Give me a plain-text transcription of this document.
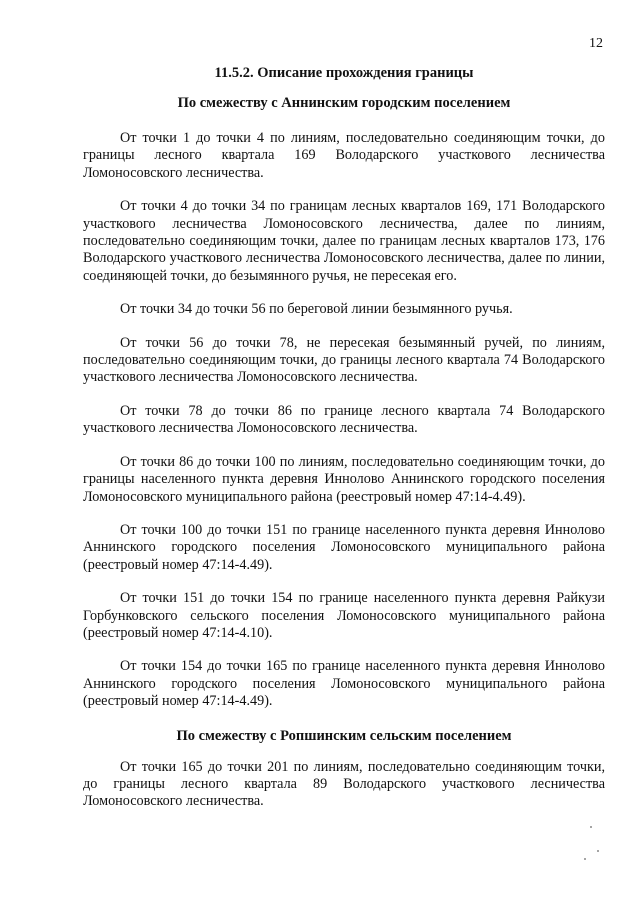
12

11.5.2. Описание прохождения границы

По смежеству с Аннинским городским поселением

От точки 1 до точки 4 по линиям, последовательно соединяющим точки, до границы лесного квартала 169 Володарского участкового лесничества Ломоносовского лесничества.

От точки 4 до точки 34 по границам лесных кварталов 169, 171 Володарского участкового лесничества Ломоносовского лесничества, далее по линиям, последовательно соединяющим точки, далее по границам лесных кварталов 173, 176 Володарского участкового лесничества Ломоносовского лесничества, далее по линии, соединяющей точки, до безымянного ручья, не пересекая его.

От точки 34 до точки 56 по береговой линии безымянного ручья.

От точки 56 до точки 78, не пересекая безымянный ручей, по линиям, последовательно соединяющим точки, до границы лесного квартала 74 Володарского участкового лесничества Ломоносовского лесничества.

От точки 78 до точки 86 по границе лесного квартала 74 Володарского участкового лесничества Ломоносовского лесничества.

От точки 86 до точки 100 по линиям, последовательно соединяющим точки, до границы населенного пункта деревня Иннолово Аннинского городского поселения Ломоносовского муниципального района (реестровый номер 47:14-4.49).

От точки 100 до точки 151 по границе населенного пункта деревня Иннолово Аннинского городского поселения Ломоносовского муниципального района (реестровый номер 47:14-4.49).

От точки 151 до точки 154 по границе населенного пункта деревня Райкузи Горбунковского сельского поселения Ломоносовского муниципального района (реестровый номер 47:14-4.10).

От точки 154 до точки 165 по границе населенного пункта деревня Иннолово Аннинского городского поселения Ломоносовского муниципального района (реестровый номер 47:14-4.49).

По смежеству с Ропшинским сельским поселением

От точки 165 до точки 201 по линиям, последовательно соединяющим точки, до границы лесного квартала 89 Володарского участкового лесничества Ломоносовского лесничества.
